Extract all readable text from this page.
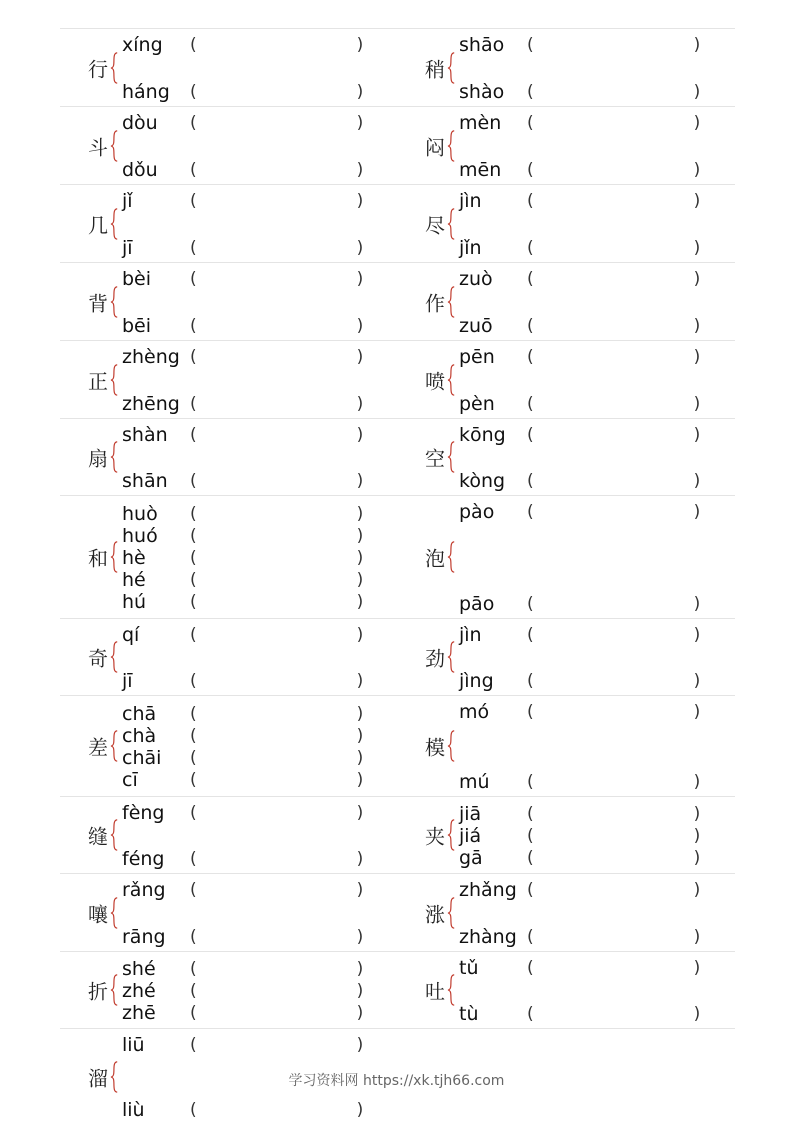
行
xíng	(	)
háng	(	)
稍
shāo	(	)
shào	(	)
斗
dòu	(	)
dǒu	(	)
闷
mèn	(	)
mēn	(	)
几
jǐ	(	)
jī	(	)
尽
jìn	(	)
jǐn	(	)
背
bèi	(	)
bēi	(	)
作
zuò	(	)
zuō	(	)
正
zhèng (	)
zhēng (	)
喷
pēn	(	)
pèn	(	)
扇
shàn	(	)
shān	(	)
空
kōng	(	)
kòng	(	)
和
huò	(	)
huó	(	)
hè	(	)
hé	(	)
hú	(	)
泡
pào	(	)
pāo	(	)
奇
qí	(	)
jī	(	)
劲
jìn	(	)
jìng	(	)
差
chā	(	)
chà	(	)
chāi	(	)
cī	(	)
模
mó	(	)
mú	(	)
缝
fèng	(	)
féng	(	)
夹
jiā	(	)
jiá	(	)
gā	(	)
嚷
rǎng	(	)
rāng	(	)
涨
zhǎng (	)
zhàng (	)
折
shé	(	)
zhé	(	)
zhē	(	)
吐
tǔ	(	)
tù	(	)
溜
liū	(	)
liù	(	)
学习资料网 https://xk.tjh66.com
